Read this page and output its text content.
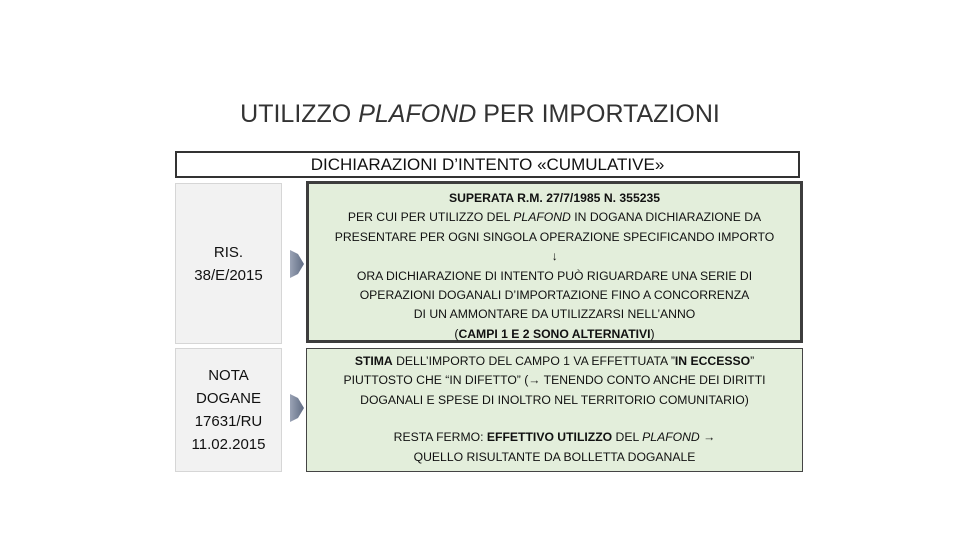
UTILIZZO PLAFOND PER IMPORTAZIONI
DICHIARAZIONI D’INTENTO «CUMULATIVE»
RIS.
38/E/2015
NOTA
DOGANE
17631/RU
11.02.2015
SUPERATA R.M. 27/7/1985 N. 355235
PER CUI PER UTILIZZO DEL PLAFOND IN DOGANA DICHIARAZIONE DA
PRESENTARE PER OGNI SINGOLA OPERAZIONE SPECIFICANDO IMPORTO
↓
ORA DICHIARAZIONE DI INTENTO PUÒ RIGUARDARE UNA SERIE DI
OPERAZIONI DOGANALI D’IMPORTAZIONE FINO A CONCORRENZA
DI UN AMMONTARE DA UTILIZZARSI NELL’ANNO
(CAMPI 1 E 2 SONO ALTERNATIVI)
STIMA DELL’IMPORTO DEL CAMPO 1 VA EFFETTUATA ”IN ECCESSO”
PIUTTOSTO CHE “IN DIFETTO” (→ TENENDO CONTO ANCHE DEI DIRITTI
DOGANALI E SPESE DI INOLTRO NEL TERRITORIO COMUNITARIO)
RESTA FERMO: EFFETTIVO UTILIZZO DEL PLAFOND →
QUELLO RISULTANTE DA BOLLETTA DOGANALE
